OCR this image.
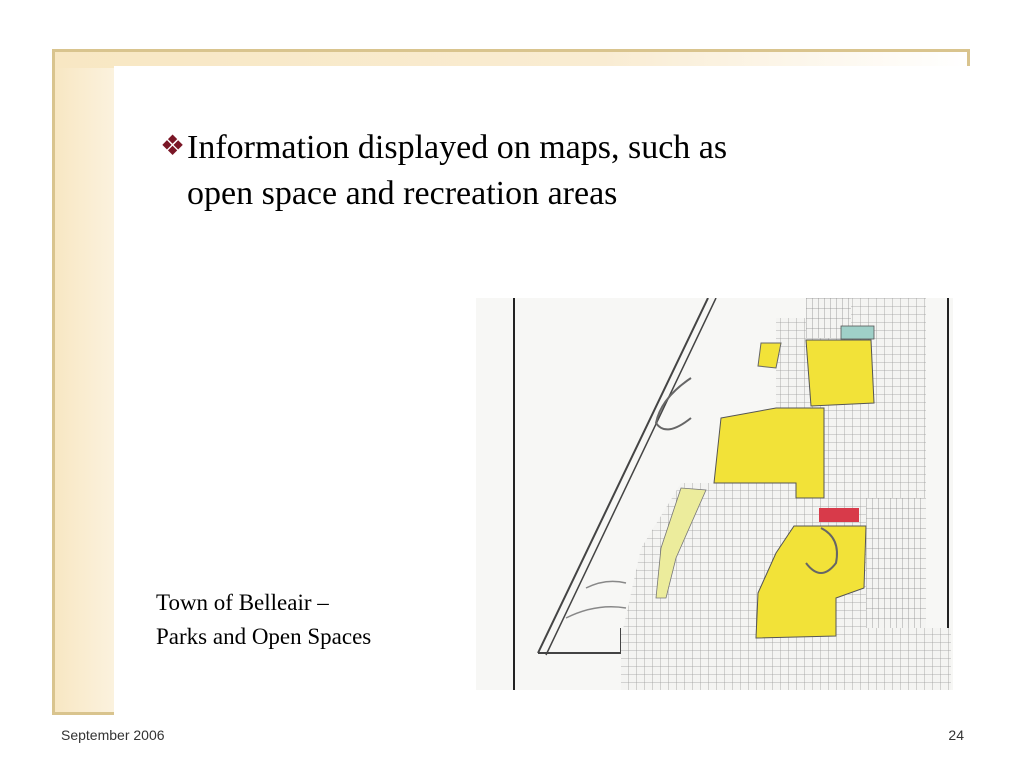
❖ Information displayed on maps, such as
open space and recreation areas

Town of Belleair –
Parks and Open Spaces
September 2006	24
